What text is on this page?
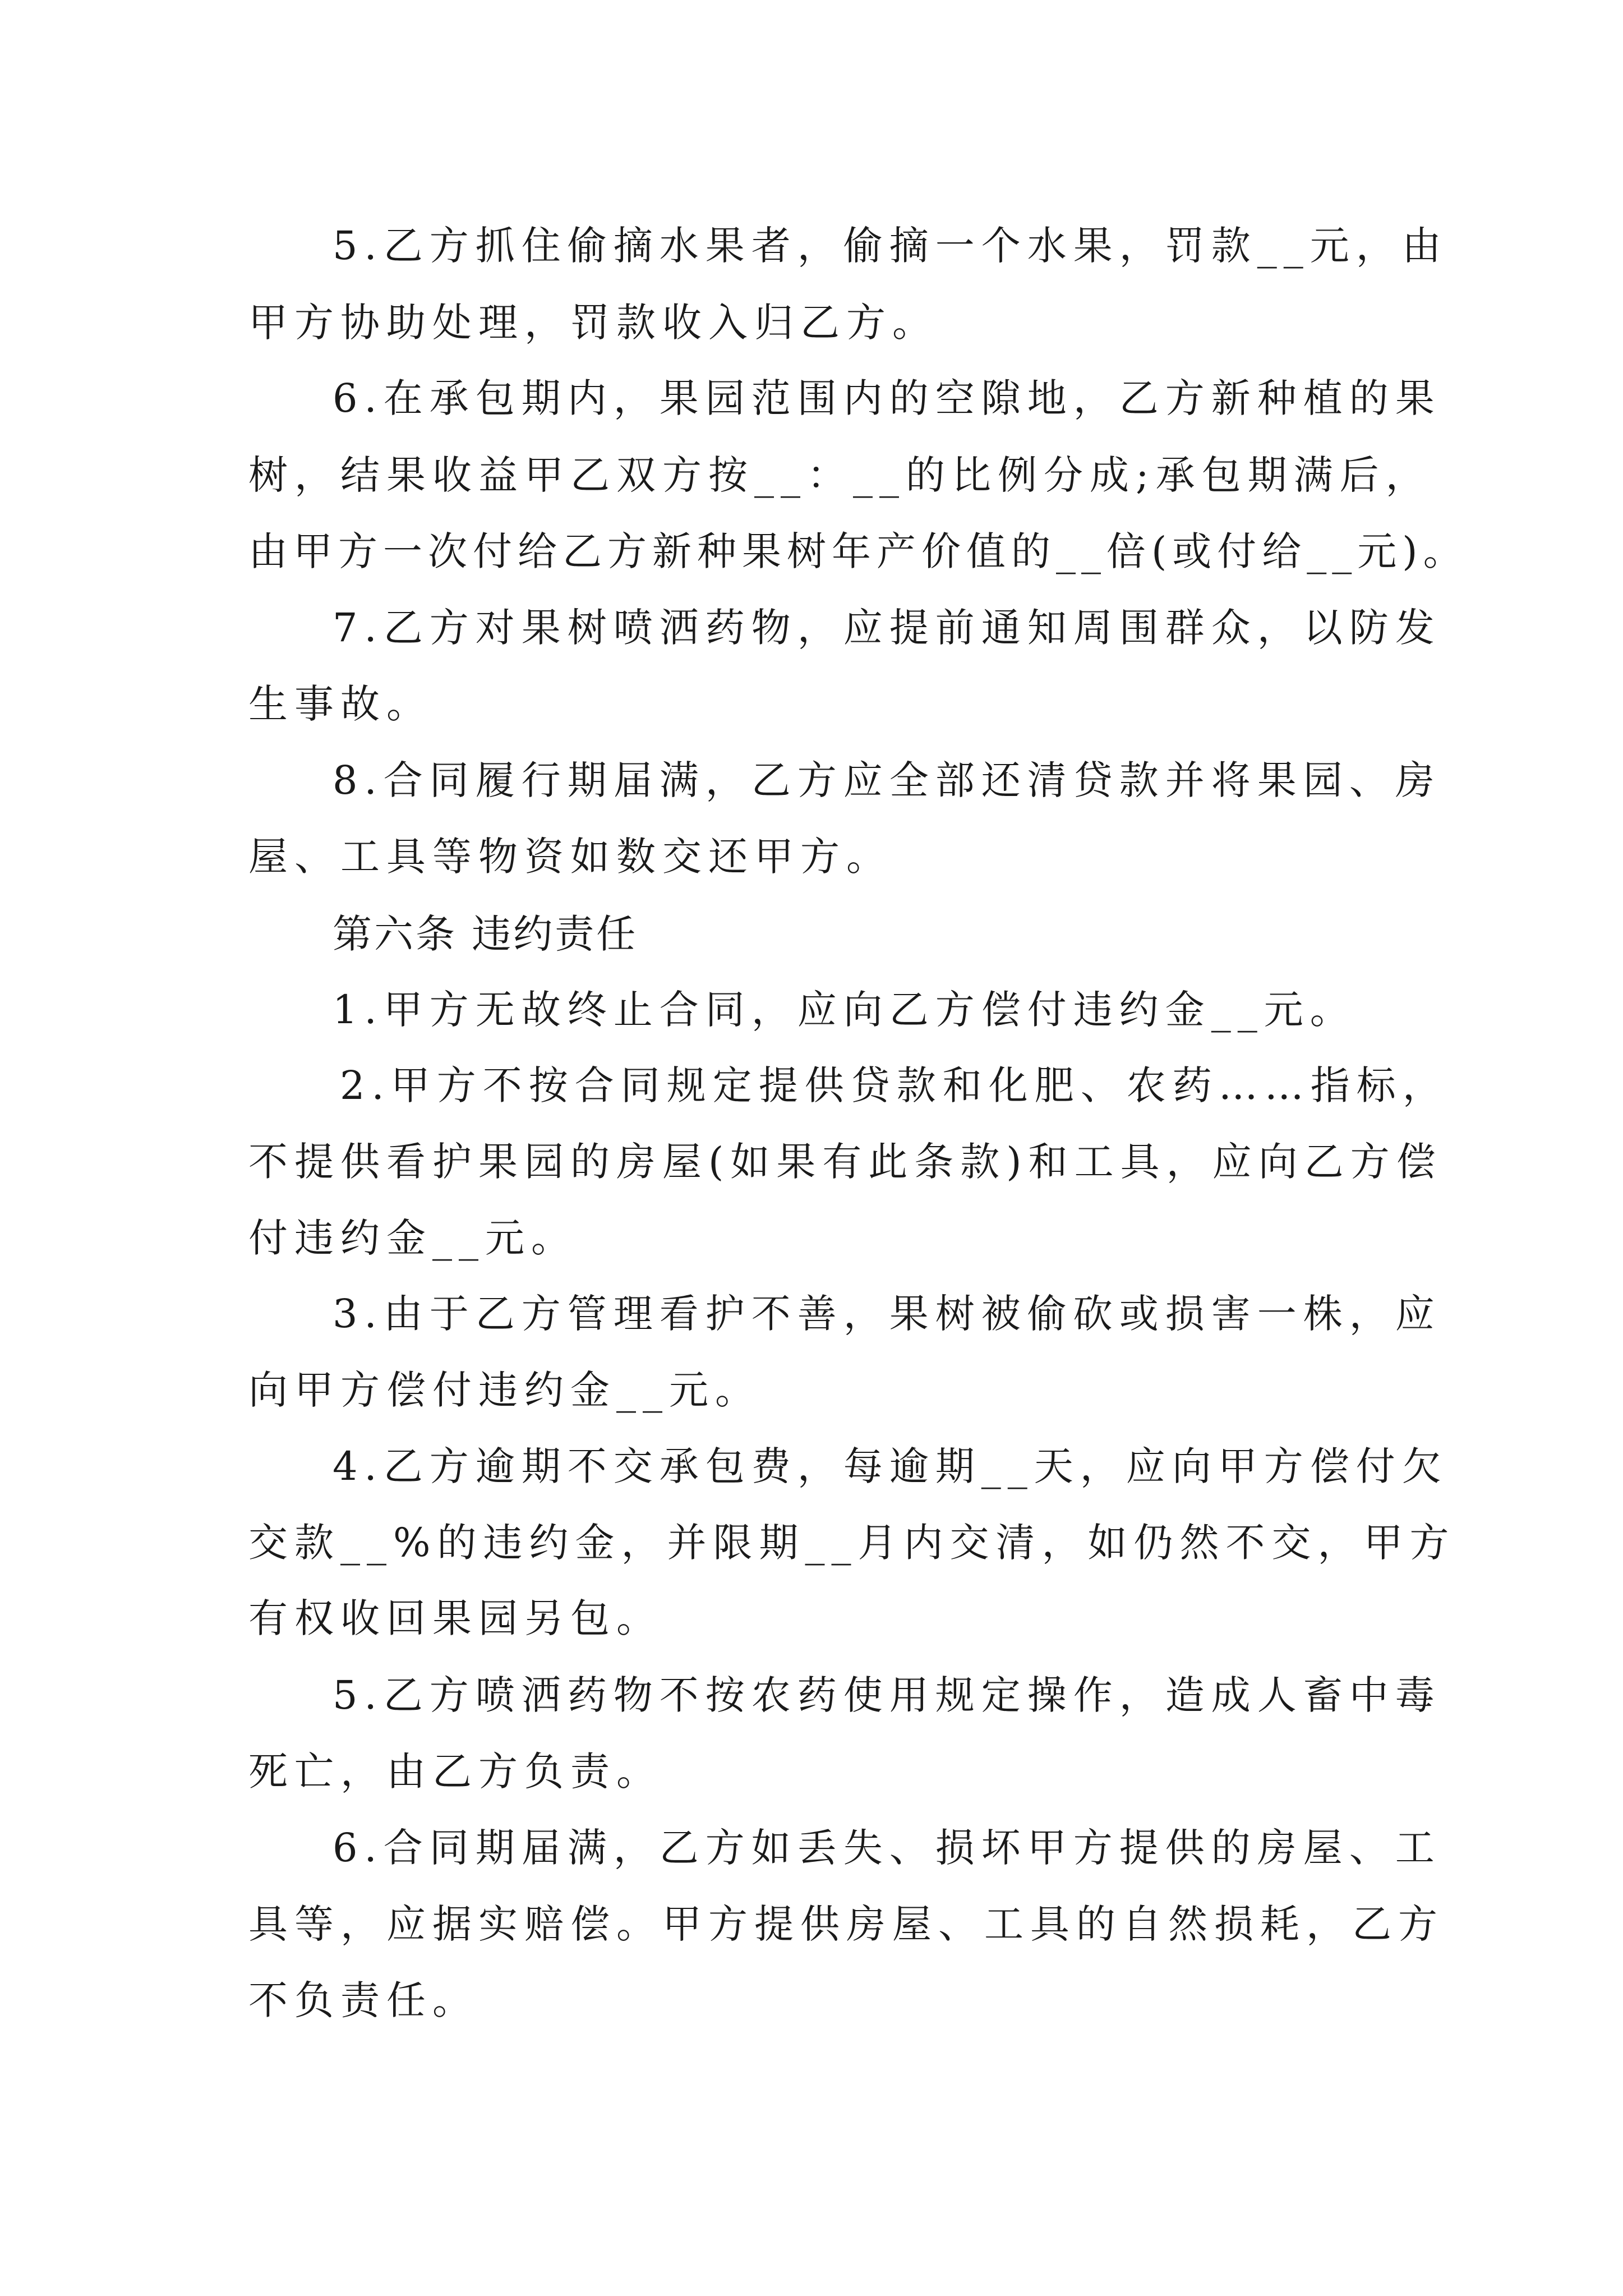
5.乙方抓住偷摘水果者，偷摘一个水果，罚款__元，由
甲方协助处理，罚款收入归乙方。
6.在承包期内，果园范围内的空隙地，乙方新种植的果
树，结果收益甲乙双方按__：__的比例分成;承包期满后，
由甲方一次付给乙方新种果树年产价值的__倍(或付给__元)。
7.乙方对果树喷洒药物，应提前通知周围群众，以防发
生事故。
8.合同履行期届满，乙方应全部还清贷款并将果园、房
屋、工具等物资如数交还甲方。
第六条 违约责任
1.甲方无故终止合同，应向乙方偿付违约金__元。
2.甲方不按合同规定提供贷款和化肥、农药……指标，
不提供看护果园的房屋(如果有此条款)和工具，应向乙方偿
付违约金__元。
3.由于乙方管理看护不善，果树被偷砍或损害一株，应
向甲方偿付违约金__元。
4.乙方逾期不交承包费，每逾期__天，应向甲方偿付欠
交款__%的违约金，并限期__月内交清，如仍然不交，甲方
有权收回果园另包。
5.乙方喷洒药物不按农药使用规定操作，造成人畜中毒
死亡，由乙方负责。
6.合同期届满，乙方如丢失、损坏甲方提供的房屋、工
具等，应据实赔偿。甲方提供房屋、工具的自然损耗，乙方
不负责任。
